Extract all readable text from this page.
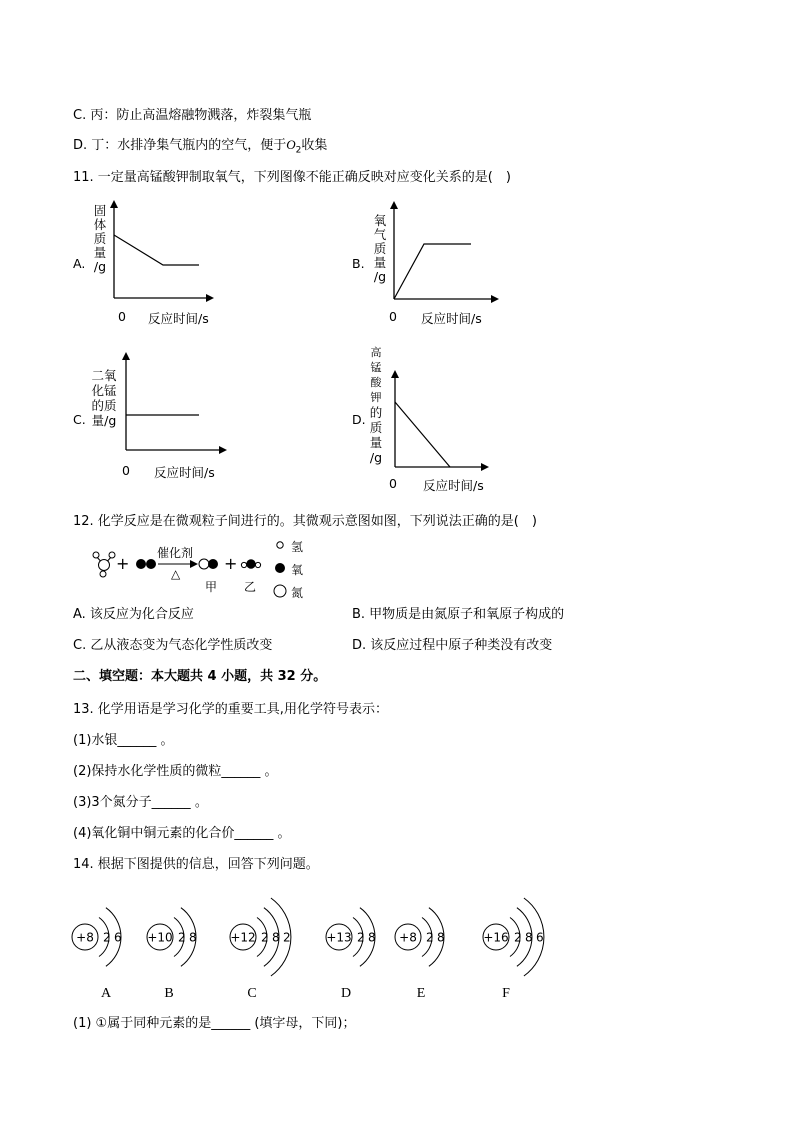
C. 丙：防止高温熔融物溅落，炸裂集气瓶
D. 丁：水排净集气瓶内的空气，便于$O_2$收集
11. 一定量高锰酸钾制取氧气，下列图像不能正确反映对应变化关系的是(　)
A.
固
体
质
量
/g
0 反应时间/s
B.
氧
气
质
量
/g
0 反应时间/s
C.
二氧
化锰
的质
量/g
0 反应时间/s
D.
高
锰
酸
钾
的
质
量
/g
0 反应时间/s
+8 2 6
A
+10 2 8
B
+12 2 8 2
C
+13 2 8
D
+8 2 8
E
+16 2 8 6
F
+
催化剂
△
+
甲 乙
氢
氧
氮
12. 化学反应是在微观粒子间进行的。其微观示意图如图，下列说法正确的是(　)
A. 该反应为化合反应	B. 甲物质是由氮原子和氧原子构成的
C. 乙从液态变为气态化学性质改变	D. 该反应过程中原子种类没有改变
二、填空题：本大题共 4 小题，共 32 分。
13. 化学用语是学习化学的重要工具,用化学符号表示：
(1)水银______ 。
(2)保持水化学性质的微粒______ 。
(3)3个氮分子______ 。
(4)氧化铜中铜元素的化合价______ 。
14. 根据下图提供的信息，回答下列问题。
(1) ①属于同种元素的是______ (填字母，下同)；
